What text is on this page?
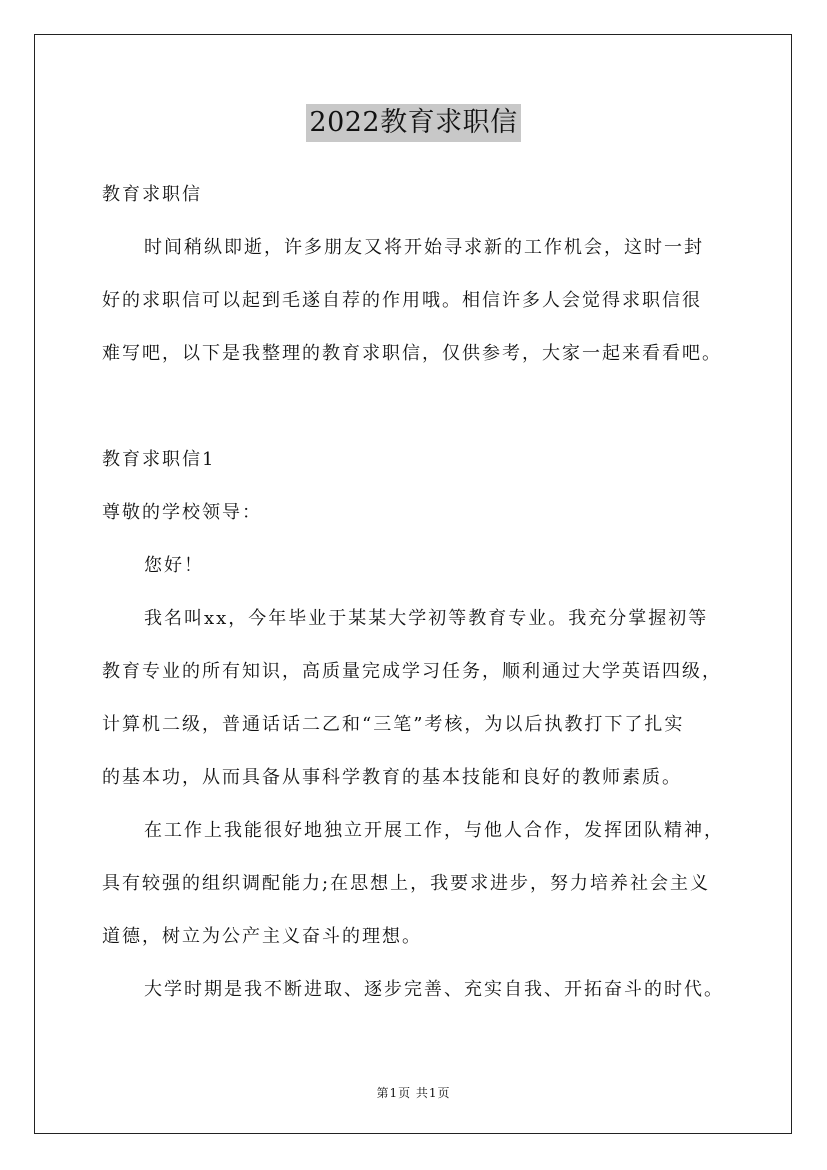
2022教育求职信
教育求职信
时间稍纵即逝，许多朋友又将开始寻求新的工作机会，这时一封
好的求职信可以起到毛遂自荐的作用哦。相信许多人会觉得求职信很
难写吧，以下是我整理的教育求职信，仅供参考，大家一起来看看吧。
教育求职信1
尊敬的学校领导：
您好！
我名叫xx，今年毕业于某某大学初等教育专业。我充分掌握初等
教育专业的所有知识，高质量完成学习任务，顺利通过大学英语四级，
计算机二级，普通话话二乙和“三笔”考核，为以后执教打下了扎实
的基本功，从而具备从事科学教育的基本技能和良好的教师素质。
在工作上我能很好地独立开展工作，与他人合作，发挥团队精神，
具有较强的组织调配能力;在思想上，我要求进步，努力培养社会主义
道德，树立为公产主义奋斗的理想。
大学时期是我不断进取、逐步完善、充实自我、开拓奋斗的时代。
第1页 共1页
